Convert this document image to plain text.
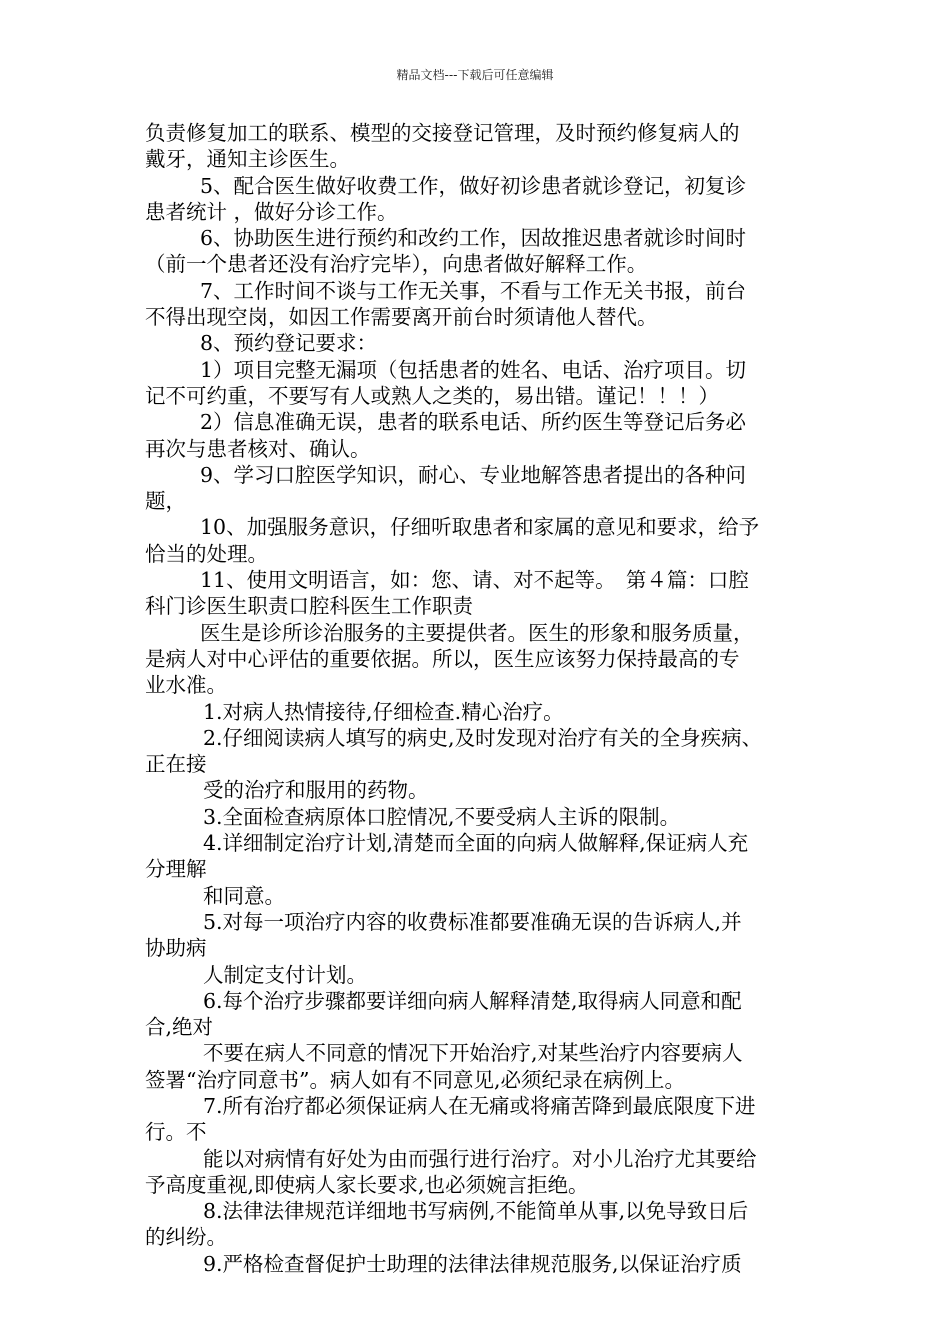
精品文档---下载后可任意编辑
负责修复加工的联系、模型的交接登记管理，及时预约修复病人的
戴牙，通知主诊医生。
5、配合医生做好收费工作，做好初诊患者就诊登记，初复诊
患者统计 ，做好分诊工作。
6、协助医生进行预约和改约工作，因故推迟患者就诊时间时
（前一个患者还没有治疗完毕），向患者做好解释工作。
7、工作时间不谈与工作无关事，不看与工作无关书报，前台
不得出现空岗，如因工作需要离开前台时须请他人替代。
8、预约登记要求：
1）项目完整无漏项（包括患者的姓名、电话、治疗项目。切
记不可约重，不要写有人或熟人之类的，易出错。谨记！！！）
2）信息准确无误，患者的联系电话、所约医生等登记后务必
再次与患者核对、确认。
9、学习口腔医学知识，耐心、专业地解答患者提出的各种问
题，
10、加强服务意识，仔细听取患者和家属的意见和要求，给予
恰当的处理。
11、使用文明语言，如：您、请、对不起等。　第４篇：口腔
科门诊医生职责口腔科医生工作职责
医生是诊所诊治服务的主要提供者。医生的形象和服务质量，
是病人对中心评估的重要依据。所以，医生应该努力保持最高的专
业水准。
1.对病人热情接待,仔细检查.精心治疗。
2.仔细阅读病人填写的病史,及时发现对治疗有关的全身疾病、
正在接
受的治疗和服用的药物。
3.全面检查病原体口腔情况,不要受病人主诉的限制。
4.详细制定治疗计划,清楚而全面的向病人做解释,保证病人充
分理解
和同意。
5.对每一项治疗内容的收费标准都要准确无误的告诉病人,并
协助病
人制定支付计划。
6.每个治疗步骤都要详细向病人解释清楚,取得病人同意和配
合,绝对
不要在病人不同意的情况下开始治疗,对某些治疗内容要病人
签署“治疗同意书”。病人如有不同意见,必须纪录在病例上。
7.所有治疗都必须保证病人在无痛或将痛苦降到最底限度下进
行。不
能以对病情有好处为由而强行进行治疗。对小儿治疗尤其要给
予高度重视,即使病人家长要求,也必须婉言拒绝。
8.法律法律规范详细地书写病例,不能简单从事,以免导致日后
的纠纷。
9.严格检查督促护士助理的法律法律规范服务,以保证治疗质
